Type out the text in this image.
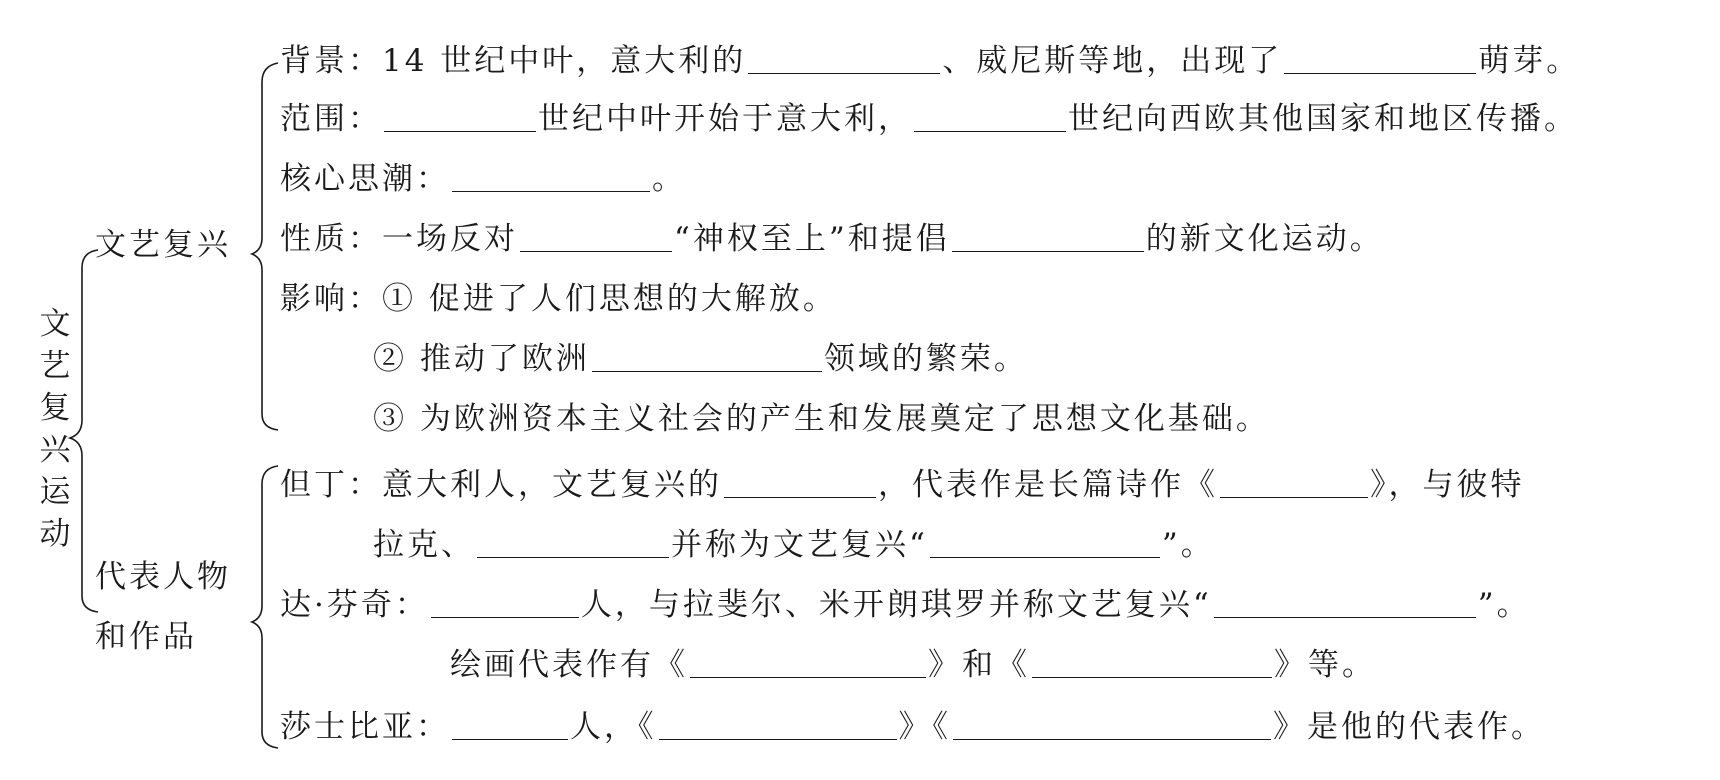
文
艺
复
兴
运
动
文艺复兴
代表人物
和作品
背景： 14 世纪中叶，意大利的	、威尼斯等地，出现了	萌芽。
范围：	世纪中叶开始于意大利，	世纪向西欧其他国家和地区传播。
核心思潮：	。
性质： 一场反对	“神权至上”和提倡	的新文化运动。
影响： ① 促进了人们思想的大解放。
② 推动了欧洲	领域的繁荣。
③ 为欧洲资本主义社会的产生和发展奠定了思想文化基础。
但丁： 意大利人，文艺复兴的	，代表作是长篇诗作《	》，与彼特
拉克、	并称为文艺复兴“	”。
达·芬奇：	人，与拉斐尔、米开朗琪罗并称文艺复兴“	”。
绘画代表作有《	》和《	》等。
莎士比亚：	人，《	》《	》是他的代表作。
